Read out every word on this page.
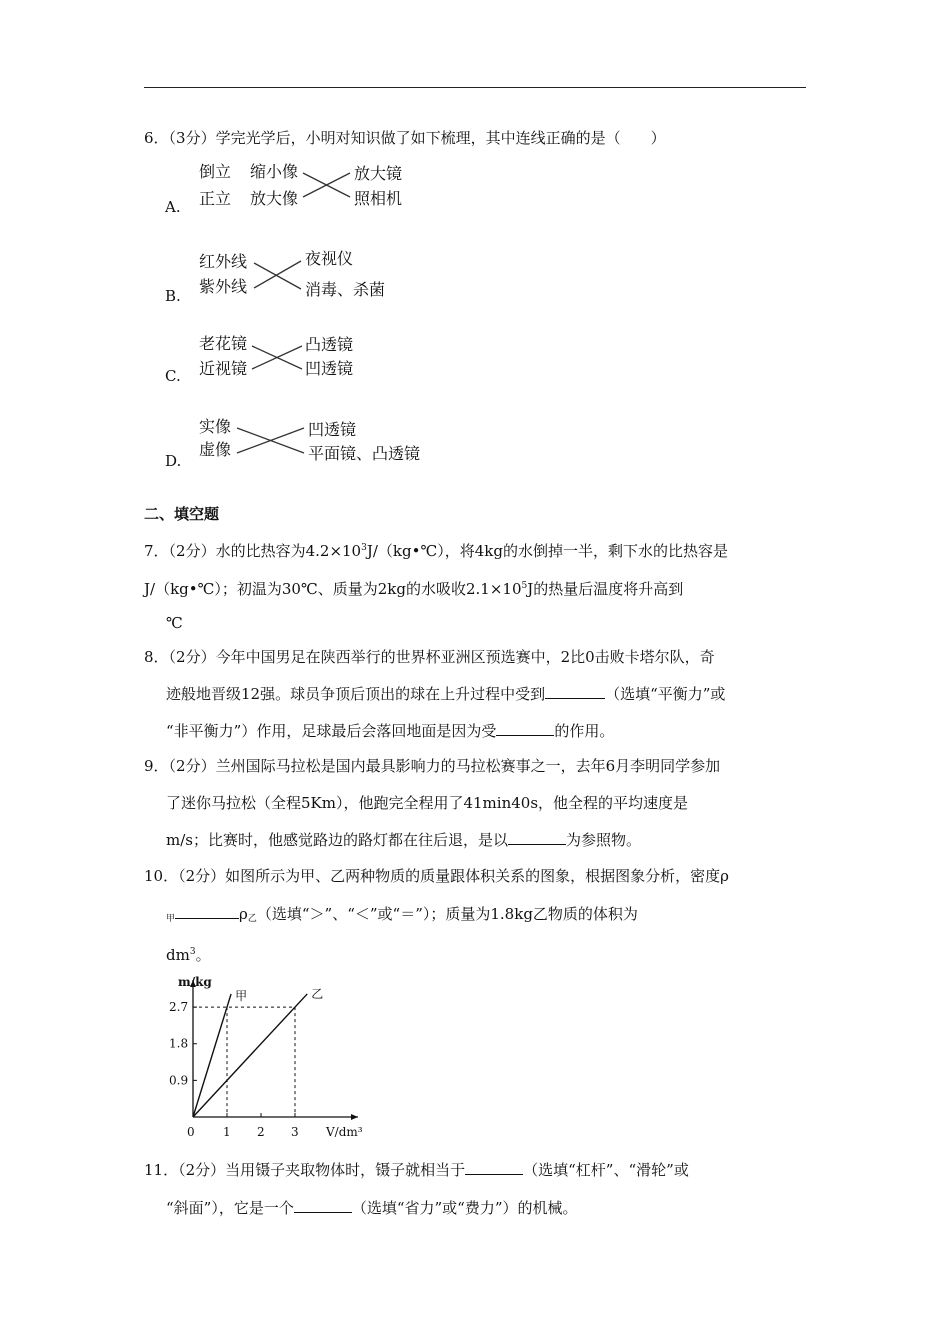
6．（3分）学完光学后，小明对知识做了如下梳理，其中连线正确的是（　　）
A.
倒立
正立
缩小像
放大像
放大镜
照相机
B.
红外线
紫外线
夜视仪
消毒、杀菌
C.
老花镜
近视镜
凸透镜
凹透镜
D.
实像
虚像
凹透镜
平面镜、凸透镜
二、填空题
7．（2分）水的比热容为$4.2\times 10^3J/(kg•℃)$，将4kg的水倒掉一半，剩下水的比热容是
J/（kg•℃）；初温为30℃、质量为2kg的水吸收$2.1\times 10^5J$的热量后温度将升高到
℃
8．（2分）今年中国男足在陕西举行的世界杯亚洲区预选赛中，2比0击败卡塔尔队，奇
迹般地晋级12强。球员争顶后顶出的球在上升过程中受到	（选填“平衡力”或
“非平衡力”）作用，足球最后会落回地面是因为受	的作用。
9．（2分）兰州国际马拉松是国内最具影响力的马拉松赛事之一，去年6月李明同学参加
了迷你马拉松（全程5Km），他跑完全程用了41min40s，他全程的平均速度是
m/s；比赛时，他感觉路边的路灯都在往后退，是以	为参照物。
10．（2分）如图所示为甲、乙两种物质的质量跟体积关系的图象，根据图象分析，密度ρ
$_甲$	$\rho_乙$（选填“＞”、“＜”或“＝”）；质量为1.8kg乙物质的体积为
$dm^3$。
m/kg
V/dm³
0 1 2 3
0.9
1.8
2.7
甲	乙
11．（2分）当用镊子夹取物体时，镊子就相当于	（选填“杠杆”、“滑轮”或
“斜面”），它是一个	（选填“省力”或“费力”）的机械。
